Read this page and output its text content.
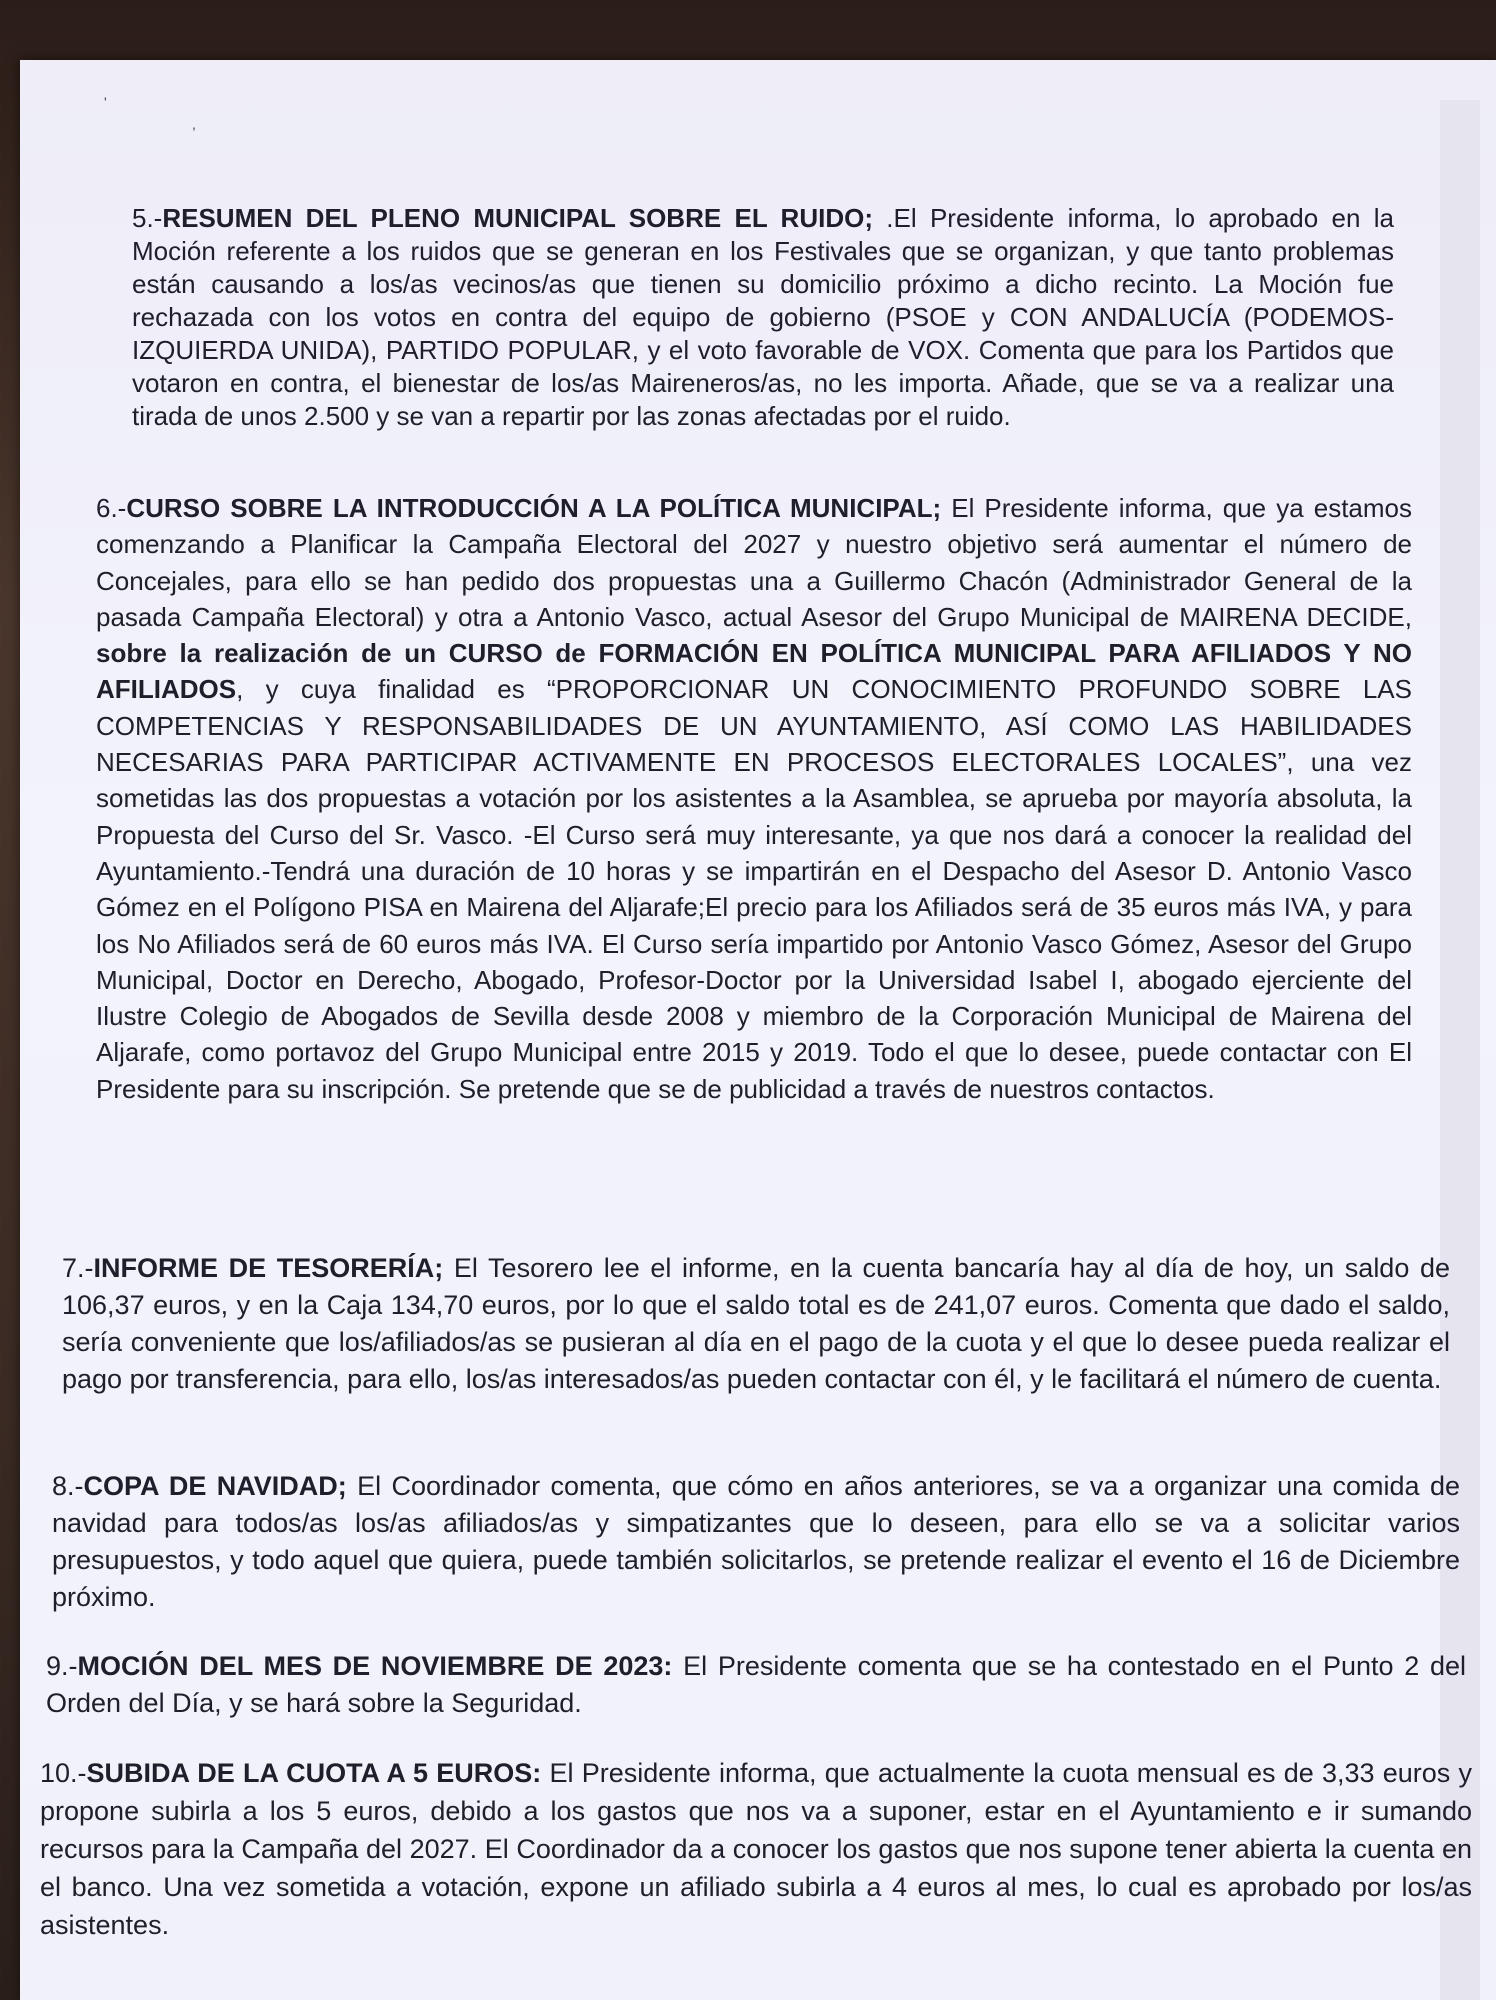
'
,
5.-RESUMEN DEL PLENO MUNICIPAL SOBRE EL RUIDO; .El Presidente informa, lo aprobado en la Moción referente a los ruidos que se generan en los Festivales que se organizan, y que tanto problemas están causando a los/as vecinos/as que tienen su domicilio próximo a dicho recinto. La Moción fue rechazada con los votos en contra del equipo de gobierno (PSOE y CON ANDALUCÍA (PODEMOS-IZQUIERDA UNIDA), PARTIDO POPULAR, y el voto favorable de VOX. Comenta que para los Partidos que votaron en contra, el bienestar de los/as Maireneros/as, no les importa. Añade, que se va a realizar una tirada de unos 2.500 y se van a repartir por las zonas afectadas por el ruido.
6.-CURSO SOBRE LA INTRODUCCIÓN A LA POLÍTICA MUNICIPAL; El Presidente informa, que ya estamos comenzando a Planificar la Campaña Electoral del 2027 y nuestro objetivo será aumentar el número de Concejales, para ello se han pedido dos propuestas una a Guillermo Chacón (Administrador General de la pasada Campaña Electoral) y otra a Antonio Vasco, actual Asesor del Grupo Municipal de MAIRENA DECIDE, sobre la realización de un CURSO de FORMACIÓN EN POLÍTICA MUNICIPAL PARA AFILIADOS Y NO AFILIADOS, y cuya finalidad es “PROPORCIONAR UN CONOCIMIENTO PROFUNDO SOBRE LAS COMPETENCIAS Y RESPONSABILIDADES DE UN AYUNTAMIENTO, ASÍ COMO LAS HABILIDADES NECESARIAS PARA PARTICIPAR ACTIVAMENTE EN PROCESOS ELECTORALES LOCALES”, una vez sometidas las dos propuestas a votación por los asistentes a la Asamblea, se aprueba por mayoría absoluta, la Propuesta del Curso del Sr. Vasco. -El Curso será muy interesante, ya que nos dará a conocer la realidad del Ayuntamiento.-Tendrá una duración de 10 horas y se impartirán en el Despacho del Asesor D. Antonio Vasco Gómez en el Polígono PISA en Mairena del Aljarafe;El precio para los Afiliados será de 35 euros más IVA, y para los No Afiliados será de 60 euros más IVA. El Curso sería impartido por Antonio Vasco Gómez, Asesor del Grupo Municipal, Doctor en Derecho, Abogado, Profesor-Doctor por la Universidad Isabel I, abogado ejerciente del Ilustre Colegio de Abogados de Sevilla desde 2008 y miembro de la Corporación Municipal de Mairena del Aljarafe, como portavoz del Grupo Municipal entre 2015 y 2019. Todo el que lo desee, puede contactar con El Presidente para su inscripción. Se pretende que se de publicidad a través de nuestros contactos.
7.-INFORME DE TESORERÍA; El Tesorero lee el informe, en la cuenta bancaría hay al día de hoy, un saldo de 106,37 euros, y en la Caja 134,70 euros, por lo que el saldo total es de 241,07 euros. Comenta que dado el saldo, sería conveniente que los/afiliados/as se pusieran al día en el pago de la cuota y el que lo desee pueda realizar el pago por transferencia, para ello, los/as interesados/as pueden contactar con él, y le facilitará el número de cuenta.
8.-COPA DE NAVIDAD; El Coordinador comenta, que cómo en años anteriores, se va a organizar una comida de navidad para todos/as los/as afiliados/as y simpatizantes que lo deseen, para ello se va a solicitar varios presupuestos, y todo aquel que quiera, puede también solicitarlos, se pretende realizar el evento el 16 de Diciembre próximo.
9.-MOCIÓN DEL MES DE NOVIEMBRE DE 2023: El Presidente comenta que se ha contestado en el Punto 2 del Orden del Día, y se hará sobre la Seguridad.
10.-SUBIDA DE LA CUOTA A 5 EUROS: El Presidente informa, que actualmente la cuota mensual es de 3,33 euros y propone subirla a los 5 euros, debido a los gastos que nos va a suponer, estar en el Ayuntamiento e ir sumando recursos para la Campaña del 2027. El Coordinador da a conocer los gastos que nos supone tener abierta la cuenta en el banco. Una vez sometida a votación, expone un afiliado subirla a 4 euros al mes, lo cual es aprobado por los/as asistentes.
